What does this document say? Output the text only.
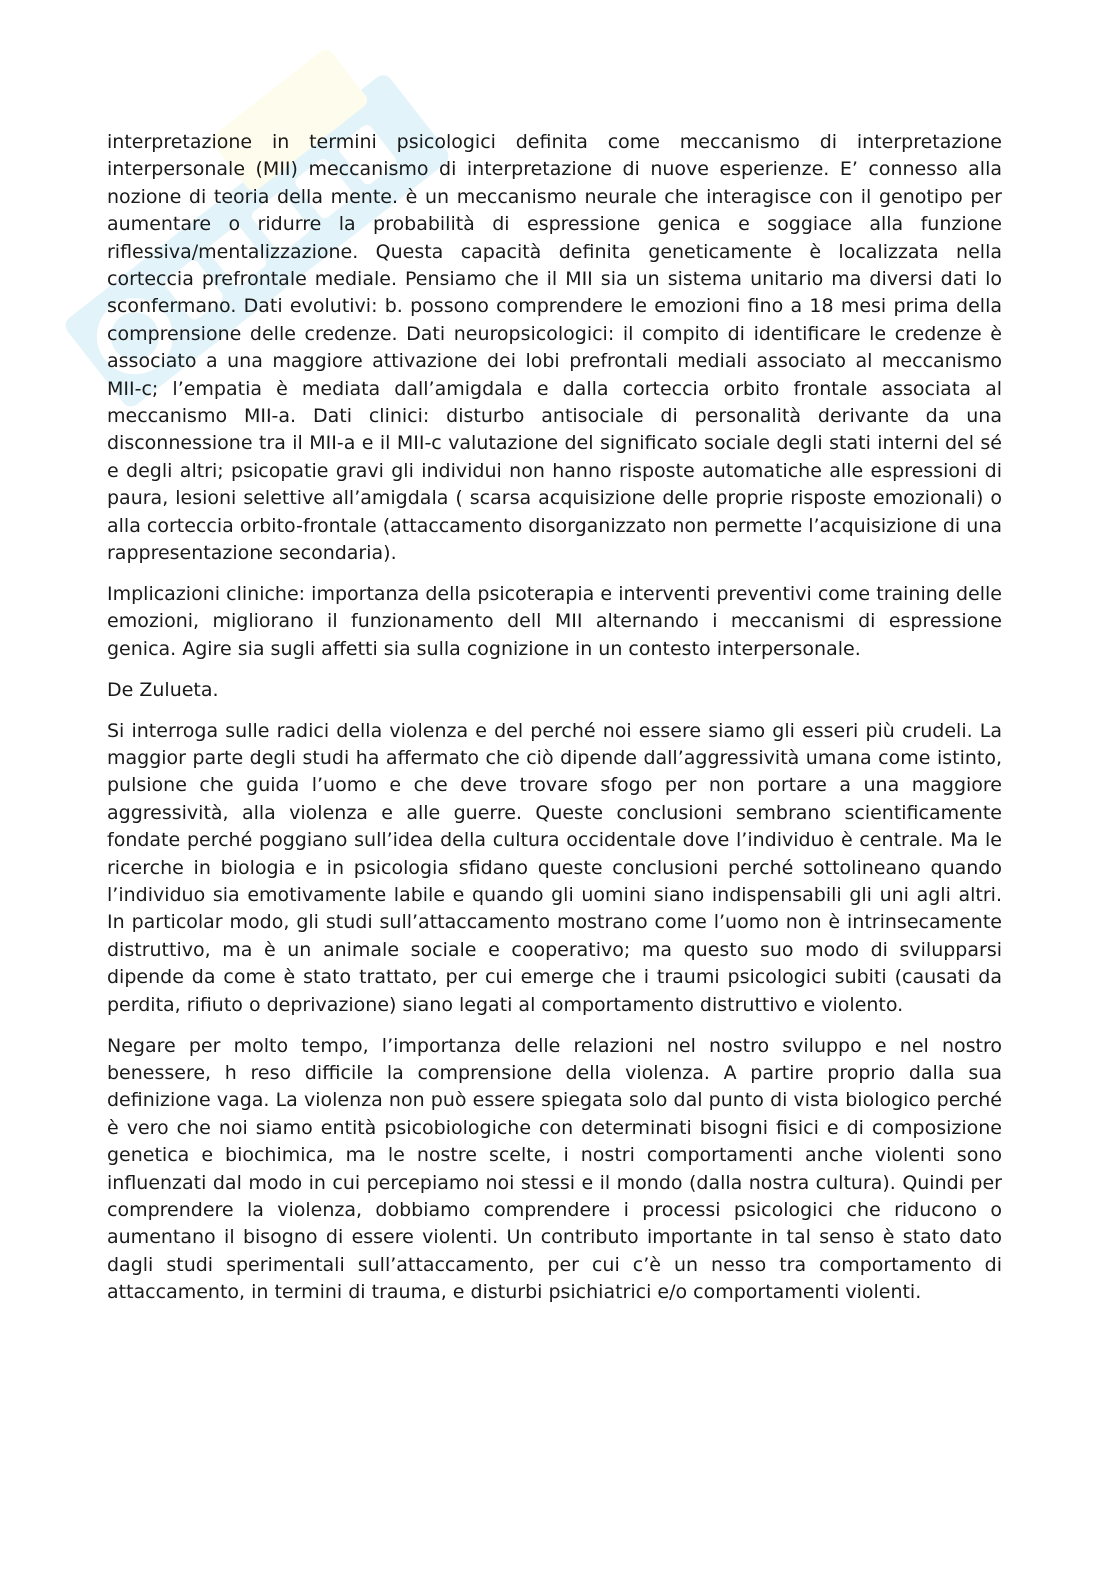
interpretazione in termini psicologici definita come meccanismo di interpretazione interpersonale (MII) meccanismo di interpretazione di nuove esperienze. E’ connesso alla nozione di teoria della mente. è un meccanismo neurale che interagisce con il genotipo per aumentare o ridurre la probabilità di espressione genica e soggiace alla funzione riflessiva/mentalizzazione. Questa capacità definita geneticamente è localizzata nella corteccia prefrontale mediale. Pensiamo che il MII sia un sistema unitario ma diversi dati lo sconfermano. Dati evolutivi: b. possono comprendere le emozioni fino a 18 mesi prima della comprensione delle credenze. Dati neuropsicologici: il compito di identificare le credenze è associato a una maggiore attivazione dei lobi prefrontali mediali associato al meccanismo MII-c; l’empatia è mediata dall’amigdala e dalla corteccia orbito frontale associata al meccanismo MII-a. Dati clinici: disturbo antisociale di personalità derivante da una disconnessione tra il MII-a e il MII-c valutazione del significato sociale degli stati interni del sé e degli altri; psicopatie gravi gli individui non hanno risposte automatiche alle espressioni di paura, lesioni selettive all’amigdala ( scarsa acquisizione delle proprie risposte emozionali) o alla corteccia orbito-frontale (attaccamento disorganizzato non permette l’acquisizione di una rappresentazione secondaria).

Implicazioni cliniche: importanza della psicoterapia e interventi preventivi come training delle emozioni, migliorano il funzionamento dell MII alternando i meccanismi di espressione genica. Agire sia sugli affetti sia sulla cognizione in un contesto interpersonale.

De Zulueta.

Si interroga sulle radici della violenza e del perché noi essere siamo gli esseri più crudeli. La maggior parte degli studi ha affermato che ciò dipende dall’aggressività umana come istinto, pulsione che guida l’uomo e che deve trovare sfogo per non portare a una maggiore aggressività, alla violenza e alle guerre. Queste conclusioni sembrano scientificamente fondate perché poggiano sull’idea della cultura occidentale dove l’individuo è centrale. Ma le ricerche in biologia e in psicologia sfidano queste conclusioni perché sottolineano quando l’individuo sia emotivamente labile e quando gli uomini siano indispensabili gli uni agli altri. In particolar modo, gli studi sull’attaccamento mostrano come l’uomo non è intrinsecamente distruttivo, ma è un animale sociale e cooperativo; ma questo suo modo di svilupparsi dipende da come è stato trattato, per cui emerge che i traumi psicologici subiti (causati da perdita, rifiuto o deprivazione) siano legati al comportamento distruttivo e violento.

Negare per molto tempo, l’importanza delle relazioni nel nostro sviluppo e nel nostro benessere, h reso difficile la comprensione della violenza. A partire proprio dalla sua definizione vaga. La violenza non può essere spiegata solo dal punto di vista biologico perché è vero che noi siamo entità psicobiologiche con determinati bisogni fisici e di composizione genetica e biochimica, ma le nostre scelte, i nostri comportamenti anche violenti sono influenzati dal modo in cui percepiamo noi stessi e il mondo (dalla nostra cultura). Quindi per comprendere la violenza, dobbiamo comprendere i processi psicologici che riducono o aumentano il bisogno di essere violenti. Un contributo importante in tal senso è stato dato dagli studi sperimentali sull’attaccamento, per cui c’è un nesso tra comportamento di attaccamento, in termini di trauma, e disturbi psichiatrici e/o comportamenti violenti.
